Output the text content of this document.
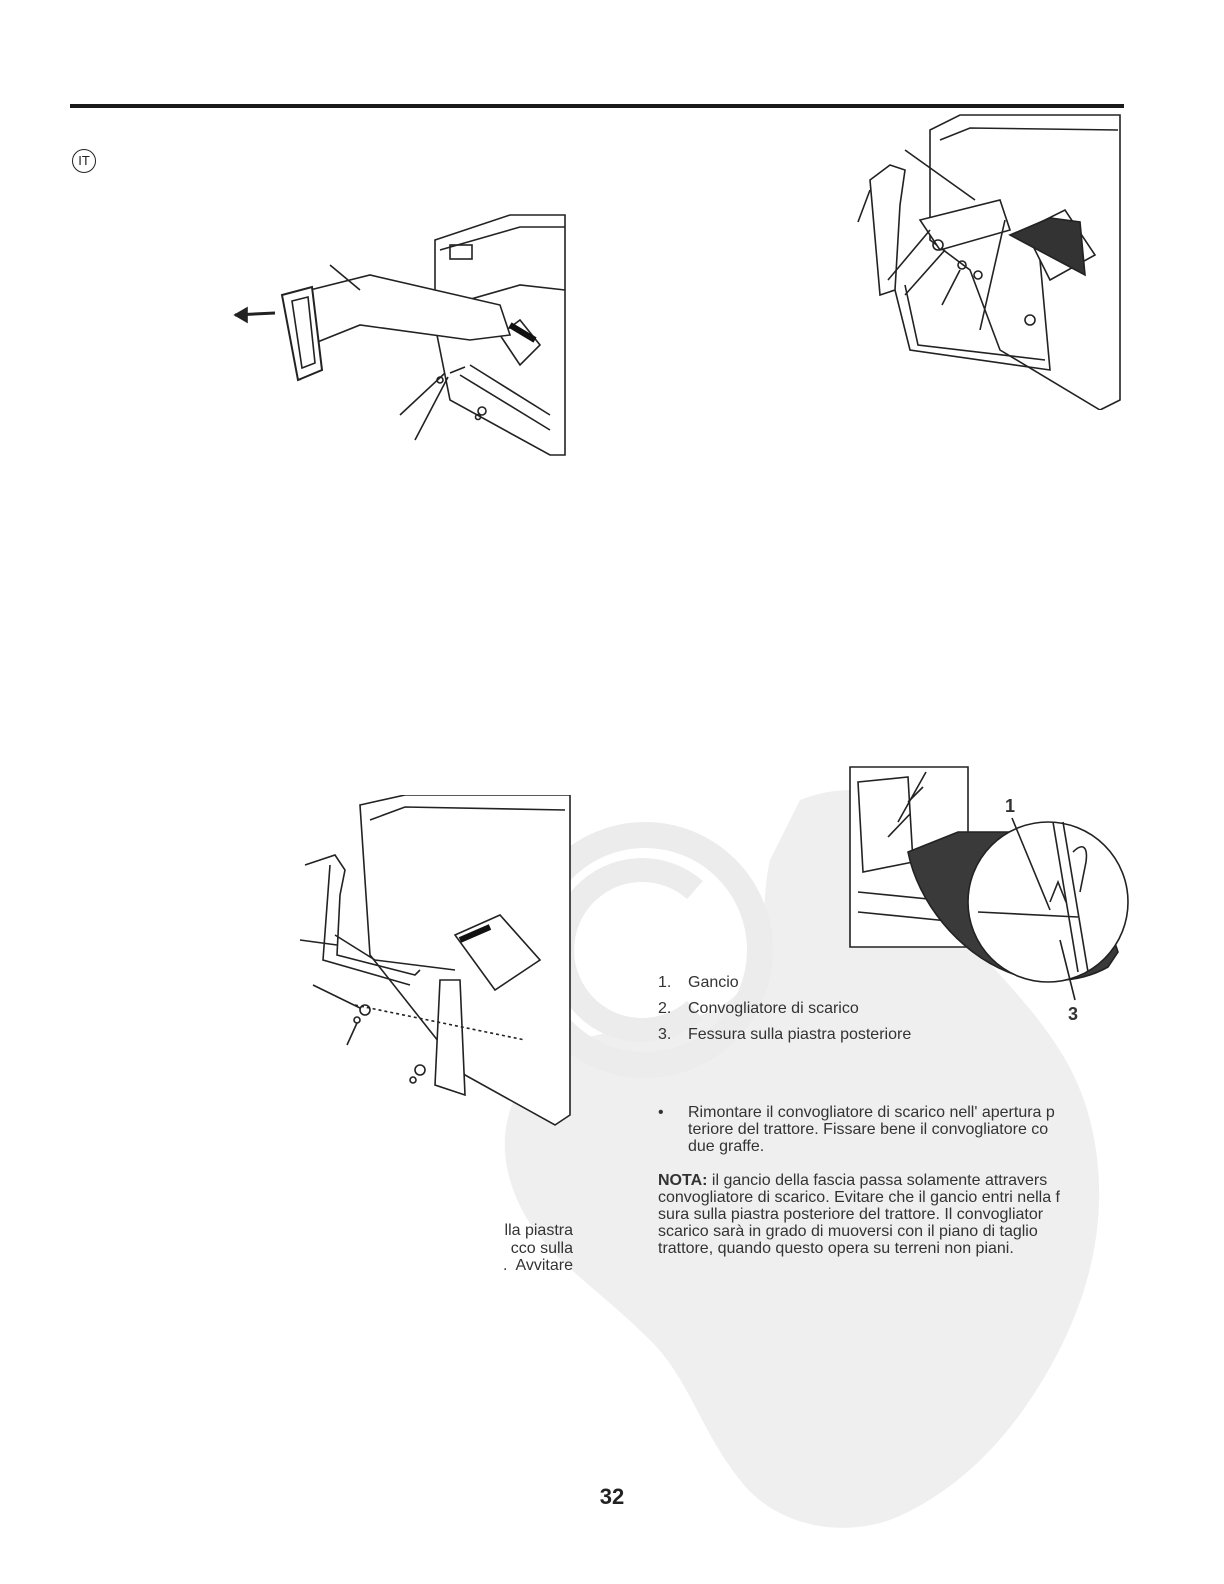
IT
1
3
1. Gancio
2. Convogliatore di scarico
3. Fessura sulla piastra posteriore
• Rimontare il convogliatore di scarico nell' apertura p
teriore del trattore. Fissare bene il convogliatore co
due graffe.
NOTA: il gancio della fascia passa solamente attravers
convogliatore di scarico. Evitare che il gancio entri nella f
sura sulla piastra posteriore del trattore. Il convogliator
scarico sarà in grado di muoversi con il piano di taglio
trattore, quando questo opera su terreni non piani.
lla piastra
cco sulla
.  Avvitare
32
